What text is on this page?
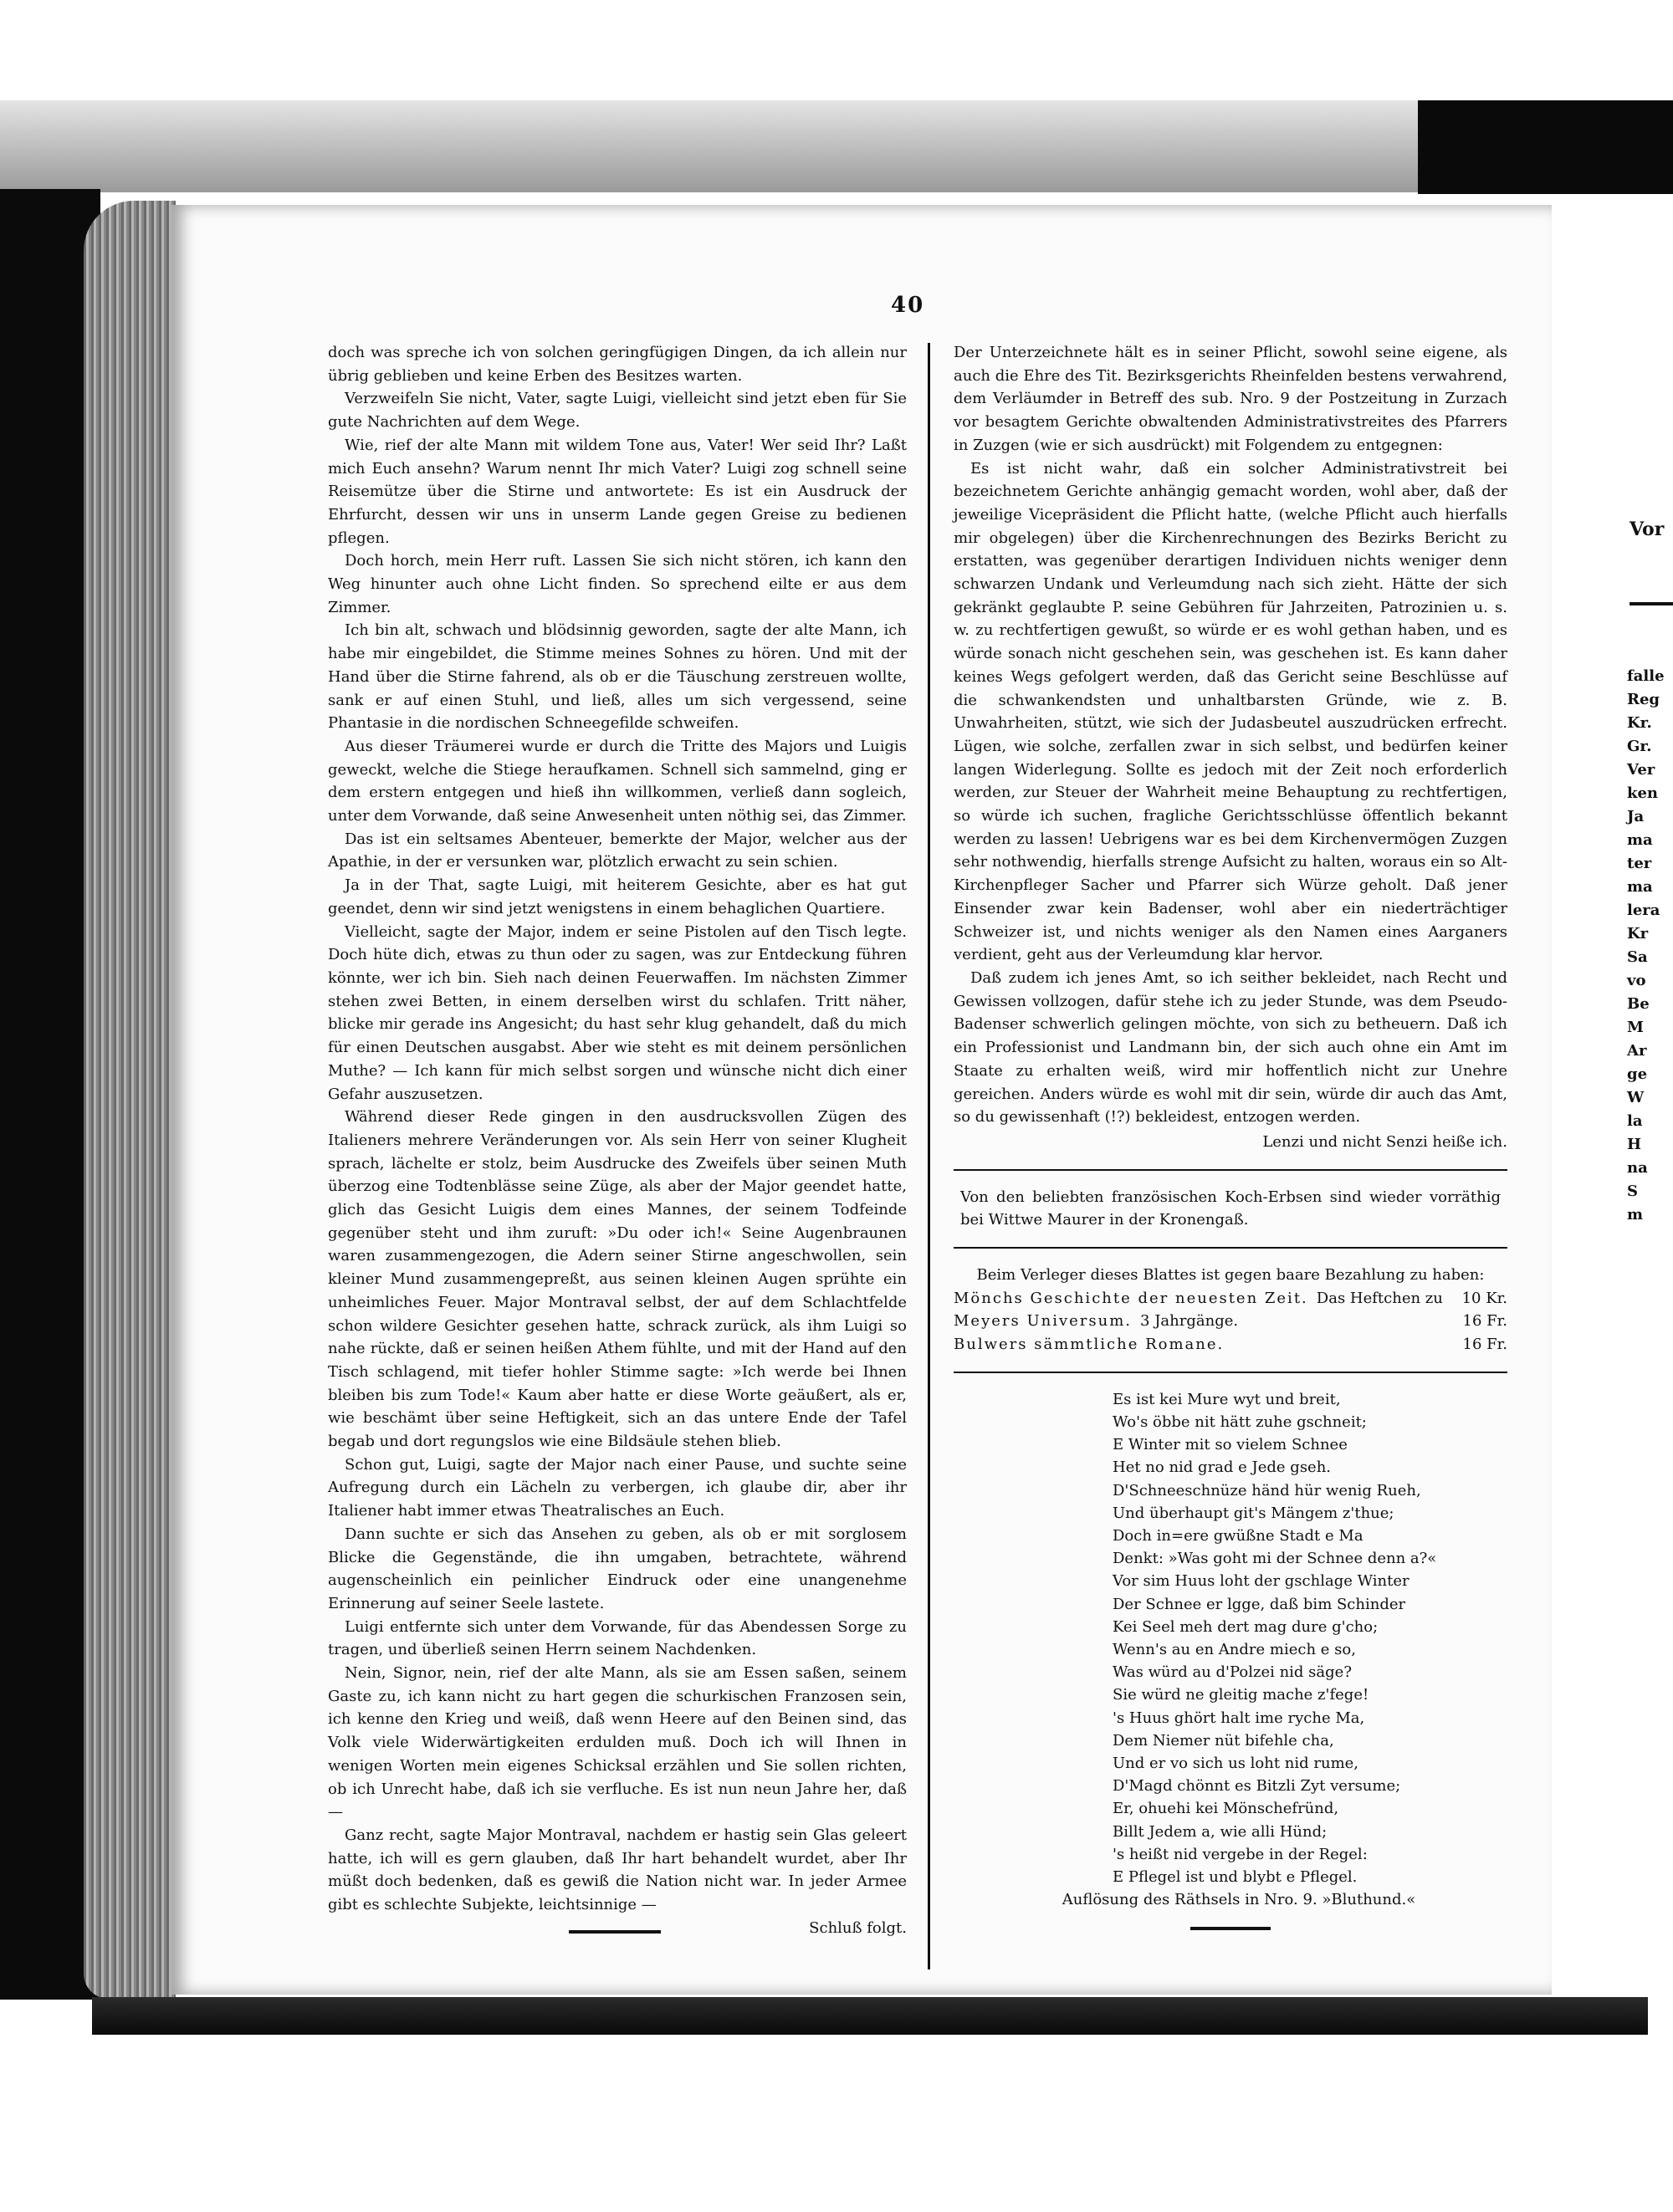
40

doch was spreche ich von solchen geringfügigen Dingen, da ich allein nur übrig geblieben und keine Erben des Besitzes warten.

Verzweifeln Sie nicht, Vater, sagte Luigi, vielleicht sind jetzt eben für Sie gute Nachrichten auf dem Wege.

Wie, rief der alte Mann mit wildem Tone aus, Vater! Wer seid Ihr? Laßt mich Euch ansehn? Warum nennt Ihr mich Vater? Luigi zog schnell seine Reisemütze über die Stirne und antwortete: Es ist ein Ausdruck der Ehrfurcht, dessen wir uns in unserm Lande gegen Greise zu bedienen pflegen.

Doch horch, mein Herr ruft. Lassen Sie sich nicht stören, ich kann den Weg hinunter auch ohne Licht finden. So sprechend eilte er aus dem Zimmer.

Ich bin alt, schwach und blödsinnig geworden, sagte der alte Mann, ich habe mir eingebildet, die Stimme meines Sohnes zu hören. Und mit der Hand über die Stirne fahrend, als ob er die Täuschung zerstreuen wollte, sank er auf einen Stuhl, und ließ, alles um sich vergessend, seine Phantasie in die nordischen Schneegefilde schweifen.

Aus dieser Träumerei wurde er durch die Tritte des Majors und Luigis geweckt, welche die Stiege heraufkamen. Schnell sich sammelnd, ging er dem erstern entgegen und hieß ihn willkommen, verließ dann sogleich, unter dem Vorwande, daß seine Anwesenheit unten nöthig sei, das Zimmer.

Das ist ein seltsames Abenteuer, bemerkte der Major, welcher aus der Apathie, in der er versunken war, plötzlich erwacht zu sein schien.

Ja in der That, sagte Luigi, mit heiterem Gesichte, aber es hat gut geendet, denn wir sind jetzt wenigstens in einem behaglichen Quartiere.

Vielleicht, sagte der Major, indem er seine Pistolen auf den Tisch legte. Doch hüte dich, etwas zu thun oder zu sagen, was zur Entdeckung führen könnte, wer ich bin. Sieh nach deinen Feuerwaffen. Im nächsten Zimmer stehen zwei Betten, in einem derselben wirst du schlafen. Tritt näher, blicke mir gerade ins Angesicht; du hast sehr klug gehandelt, daß du mich für einen Deutschen ausgabst. Aber wie steht es mit deinem persönlichen Muthe? — Ich kann für mich selbst sorgen und wünsche nicht dich einer Gefahr auszusetzen.

Während dieser Rede gingen in den ausdrucksvollen Zügen des Italieners mehrere Veränderungen vor. Als sein Herr von seiner Klugheit sprach, lächelte er stolz, beim Ausdrucke des Zweifels über seinen Muth überzog eine Todtenblässe seine Züge, als aber der Major geendet hatte, glich das Gesicht Luigis dem eines Mannes, der seinem Todfeinde gegenüber steht und ihm zuruft: »Du oder ich!« Seine Augenbraunen waren zusammengezogen, die Adern seiner Stirne angeschwollen, sein kleiner Mund zusammengepreßt, aus seinen kleinen Augen sprühte ein unheimliches Feuer. Major Montraval selbst, der auf dem Schlachtfelde schon wildere Gesichter gesehen hatte, schrack zurück, als ihm Luigi so nahe rückte, daß er seinen heißen Athem fühlte, und mit der Hand auf den Tisch schlagend, mit tiefer hohler Stimme sagte: »Ich werde bei Ihnen bleiben bis zum Tode!« Kaum aber hatte er diese Worte geäußert, als er, wie beschämt über seine Heftigkeit, sich an das untere Ende der Tafel begab und dort regungslos wie eine Bildsäule stehen blieb.

Schon gut, Luigi, sagte der Major nach einer Pause, und suchte seine Aufregung durch ein Lächeln zu verbergen, ich glaube dir, aber ihr Italiener habt immer etwas Theatralisches an Euch.

Dann suchte er sich das Ansehen zu geben, als ob er mit sorglosem Blicke die Gegenstände, die ihn umgaben, betrachtete, während augenscheinlich ein peinlicher Eindruck oder eine unangenehme Erinnerung auf seiner Seele lastete.

Luigi entfernte sich unter dem Vorwande, für das Abendessen Sorge zu tragen, und überließ seinen Herrn seinem Nachdenken.

Nein, Signor, nein, rief der alte Mann, als sie am Essen saßen, seinem Gaste zu, ich kann nicht zu hart gegen die schurkischen Franzosen sein, ich kenne den Krieg und weiß, daß wenn Heere auf den Beinen sind, das Volk viele Widerwärtigkeiten erdulden muß. Doch ich will Ihnen in wenigen Worten mein eigenes Schicksal erzählen und Sie sollen richten, ob ich Unrecht habe, daß ich sie verfluche. Es ist nun neun Jahre her, daß —

Ganz recht, sagte Major Montraval, nachdem er hastig sein Glas geleert hatte, ich will es gern glauben, daß Ihr hart behandelt wurdet, aber Ihr müßt doch bedenken, daß es gewiß die Nation nicht war. In jeder Armee gibt es schlechte Subjekte, leichtsinnige —

Schluß folgt.

Der Unterzeichnete hält es in seiner Pflicht, sowohl seine eigene, als auch die Ehre des Tit. Bezirksgerichts Rheinfelden bestens verwahrend, dem Verläumder in Betreff des sub. Nro. 9 der Postzeitung in Zurzach vor besagtem Gerichte obwaltenden Administrativstreites des Pfarrers in Zuzgen (wie er sich ausdrückt) mit Folgendem zu entgegnen:

Es ist nicht wahr, daß ein solcher Administrativstreit bei bezeichnetem Gerichte anhängig gemacht worden, wohl aber, daß der jeweilige Vicepräsident die Pflicht hatte, (welche Pflicht auch hierfalls mir obgelegen) über die Kirchenrechnungen des Bezirks Bericht zu erstatten, was gegenüber derartigen Individuen nichts weniger denn schwarzen Undank und Verleumdung nach sich zieht. Hätte der sich gekränkt geglaubte P. seine Gebühren für Jahrzeiten, Patrozinien u. s. w. zu rechtfertigen gewußt, so würde er es wohl gethan haben, und es würde sonach nicht geschehen sein, was geschehen ist. Es kann daher keines Wegs gefolgert werden, daß das Gericht seine Beschlüsse auf die schwankendsten und unhaltbarsten Gründe, wie z. B. Unwahrheiten, stützt, wie sich der Judasbeutel auszudrücken erfrecht. Lügen, wie solche, zerfallen zwar in sich selbst, und bedürfen keiner langen Widerlegung. Sollte es jedoch mit der Zeit noch erforderlich werden, zur Steuer der Wahrheit meine Behauptung zu rechtfertigen, so würde ich suchen, fragliche Gerichtsschlüsse öffentlich bekannt werden zu lassen! Uebrigens war es bei dem Kirchenvermögen Zuzgen sehr nothwendig, hierfalls strenge Aufsicht zu halten, woraus ein so Alt-Kirchenpfleger Sacher und Pfarrer sich Würze geholt. Daß jener Einsender zwar kein Badenser, wohl aber ein niederträchtiger Schweizer ist, und nichts weniger als den Namen eines Aarganers verdient, geht aus der Verleumdung klar hervor.

Daß zudem ich jenes Amt, so ich seither bekleidet, nach Recht und Gewissen vollzogen, dafür stehe ich zu jeder Stunde, was dem Pseudo-Badenser schwerlich gelingen möchte, von sich zu betheuern. Daß ich ein Professionist und Landmann bin, der sich auch ohne ein Amt im Staate zu erhalten weiß, wird mir hoffentlich nicht zur Unehre gereichen. Anders würde es wohl mit dir sein, würde dir auch das Amt, so du gewissenhaft (!?) bekleidest, entzogen werden.

Lenzi und nicht Senzi heiße ich.

Von den beliebten französischen Koch-Erbsen sind wieder vorräthig bei Wittwe Maurer in der Kronengaß.

Beim Verleger dieses Blattes ist gegen baare Bezahlung zu haben:

Mönchs Geschichte der neuesten Zeit. Das Heftchen zu 10 Kr.
Meyers Universum. 3 Jahrgänge.	16 Fr.
Bulwers sämmtliche Romane.	16 Fr.
Es ist kei Mure wyt und breit,
Wo's öbbe nit hätt zuhe gschneit;
E Winter mit so vielem Schnee
Het no nid grad e Jede gseh.
D'Schneeschnüze händ hür wenig Rueh,
Und überhaupt git's Mängem z'thue;
Doch in=ere gwüßne Stadt e Ma
Denkt: »Was goht mi der Schnee denn a?«
Vor sim Huus loht der gschlage Winter
Der Schnee er lgge, daß bim Schinder
Kei Seel meh dert mag dure g'cho;
Wenn's au en Andre miech e so,
Was würd au d'Polzei nid säge?
Sie würd ne gleitig mache z'fege!
's Huus ghört halt ime ryche Ma,
Dem Niemer nüt bifehle cha,
Und er vo sich us loht nid rume,
D'Magd chönnt es Bitzli Zyt versume;
Er, ohuehi kei Mönschefründ,
Billt Jedem a, wie alli Hünd;
's heißt nid vergebe in der Regel:
E Pflegel ist und blybt e Pflegel.

Auflösung des Räthsels in Nro. 9. »Bluthund.«

Vor
falle
Reg
Kr.
Gr.
Ver
ken
Ja
ma
ter
ma
lera
Kr
Sa
vo
Be
M
Ar
ge
W
la
H
na
S
m
